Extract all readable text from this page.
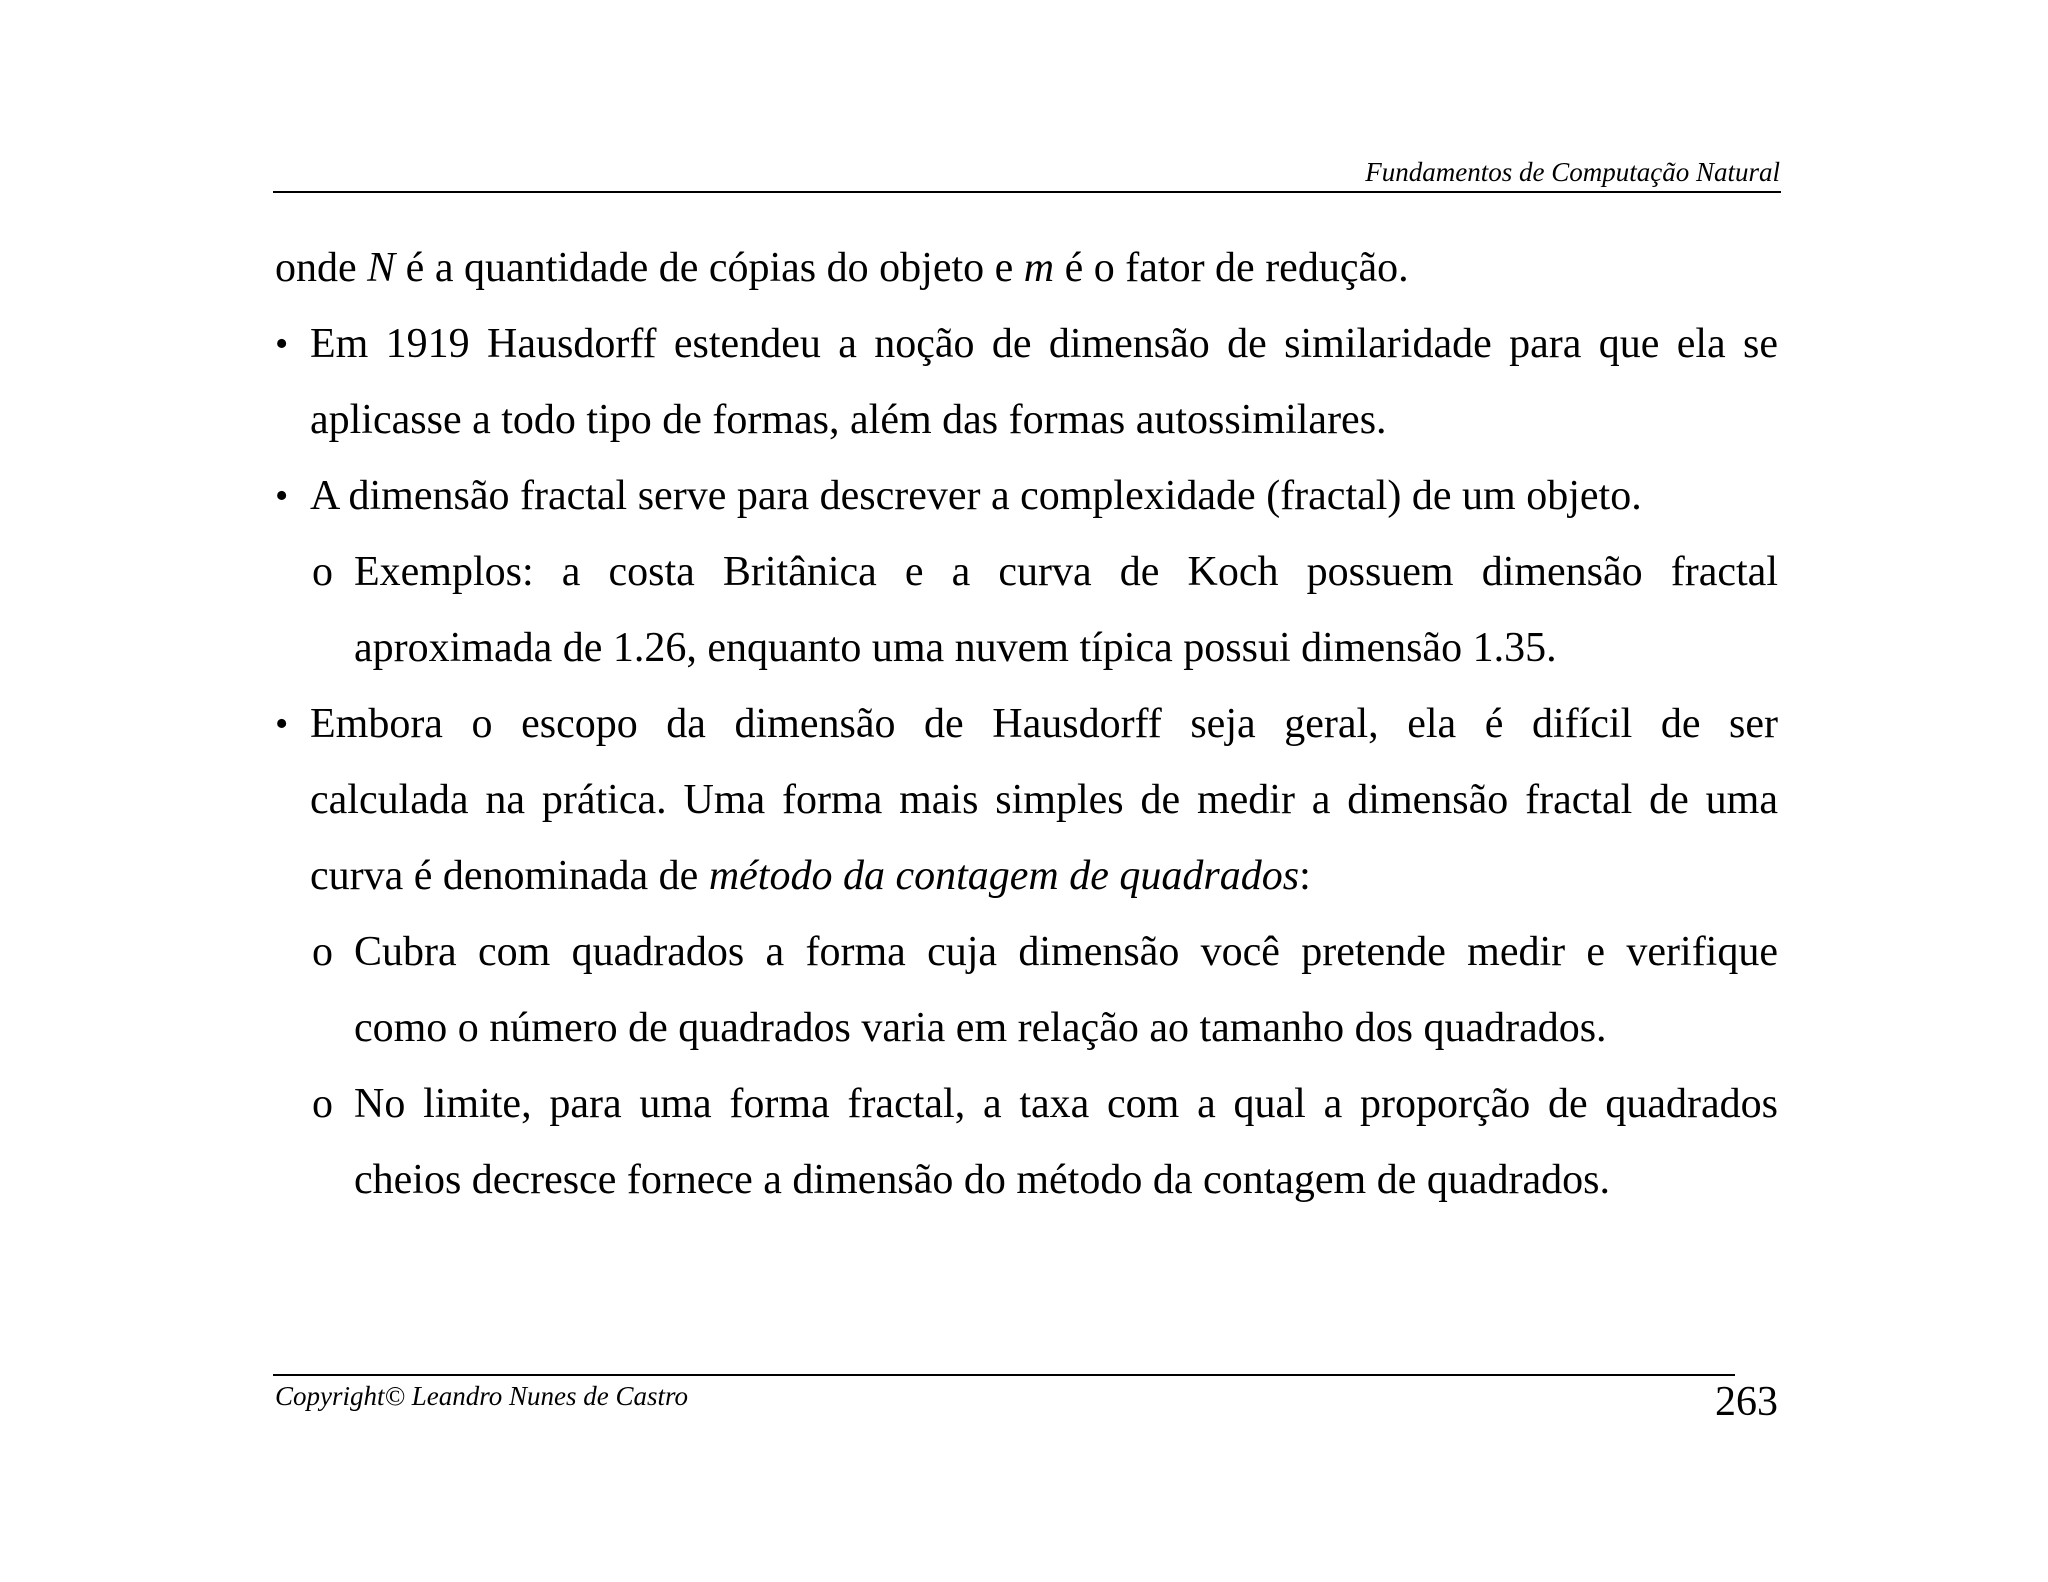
Fundamentos de Computação Natural

onde N é a quantidade de cópias do objeto e m é o fator de redução.

• Em 1919 Hausdorff estendeu a noção de dimensão de similaridade para que ela se
aplicasse a todo tipo de formas, além das formas autossimilares.
• A dimensão fractal serve para descrever a complexidade (fractal) de um objeto.
o Exemplos: a costa Britânica e a curva de Koch possuem dimensão fractal
aproximada de 1.26, enquanto uma nuvem típica possui dimensão 1.35.
• Embora o escopo da dimensão de Hausdorff seja geral, ela é difícil de ser
calculada na prática. Uma forma mais simples de medir a dimensão fractal de uma
curva é denominada de método da contagem de quadrados:
o Cubra com quadrados a forma cuja dimensão você pretende medir e verifique
como o número de quadrados varia em relação ao tamanho dos quadrados.
o No limite, para uma forma fractal, a taxa com a qual a proporção de quadrados
cheios decresce fornece a dimensão do método da contagem de quadrados.
Copyright© Leandro Nunes de Castro	263
